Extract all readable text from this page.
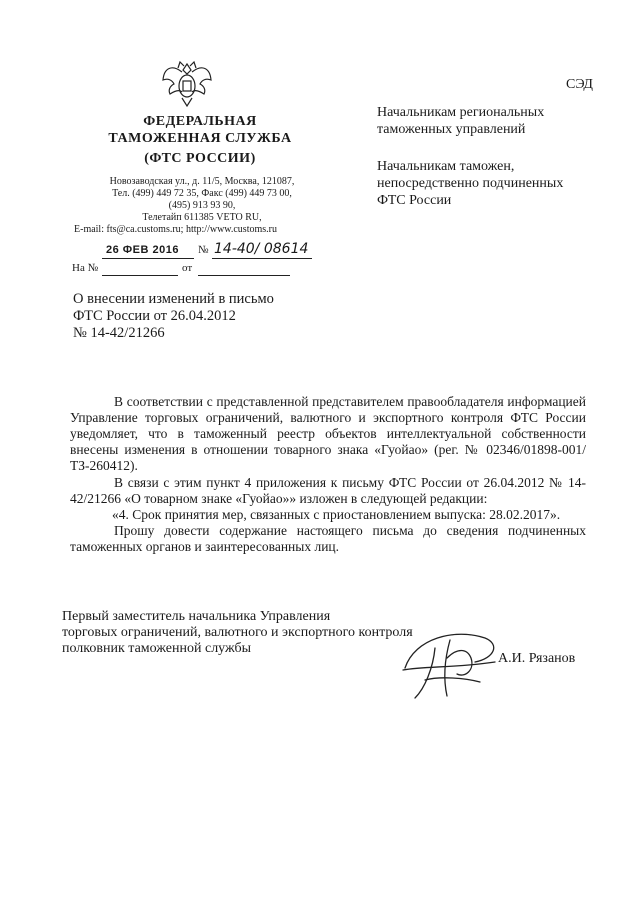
ФЕДЕРАЛЬНАЯ
ТАМОЖЕННАЯ СЛУЖБА
(ФТС РОССИИ)
Новозаводская ул., д. 11/5, Москва, 121087,
Тел. (499) 449 72 35, Факс (499) 449 73 00,
(495) 913 93 90,
Телетайп 611385 VETO RU,
E-mail: fts@ca.customs.ru; http://www.customs.ru
26 ФЕВ 2016 № 14-40/ 08614
На №	от
СЭД
Начальникам региональных
таможенных управлений
Начальникам таможен,
непосредственно подчиненных
ФТС России
О внесении изменений в письмо
ФТС России от 26.04.2012
№ 14-42/21266
В соответствии с представленной представителем правообладателя информацией Управление торговых ограничений, валютного и экспортного контроля ФТС России уведомляет, что в таможенный реестр объектов интеллектуальной собственности внесены изменения в отношении товарного знака «Гуойао» (рег. № 02346/01898-001/ТЗ-260412).
В связи с этим пункт 4 приложения к письму ФТС России от 26.04.2012 № 14-42/21266 «О товарном знаке «Гуойао»» изложен в следующей редакции:
«4. Срок принятия мер, связанных с приостановлением выпуска: 28.02.2017».
Прошу довести содержание настоящего письма до сведения подчиненных таможенных органов и заинтересованных лиц.
Первый заместитель начальника Управления
торговых ограничений, валютного и экспортного контроля
полковник таможенной службы
А.И. Рязанов
